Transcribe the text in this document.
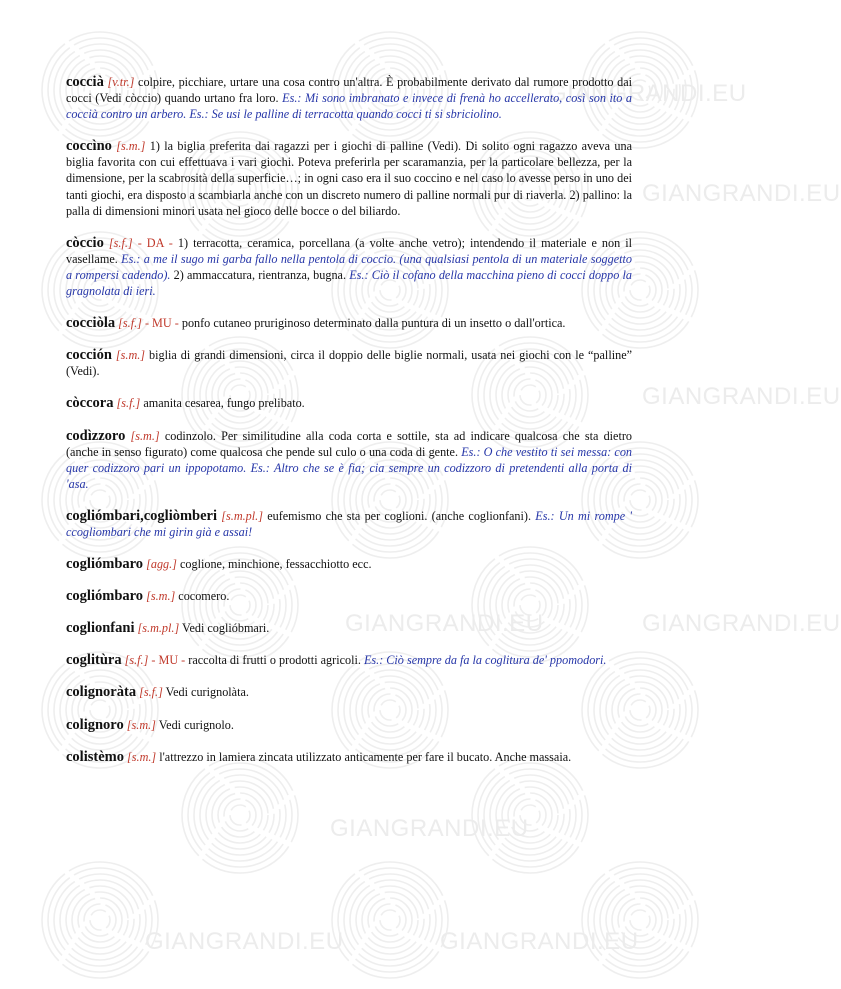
GIANGRANDI.EU
GIANGRANDI.EU
GIANGRANDI.EU
GIANGRANDI.EU	GIANGRANDI.EU
GIANGRANDI.EU
GIANGRANDI.EU	GIANGRANDI.EU

coccià [v.tr.] colpire, picchiare, urtare una cosa contro un'altra. È probabilmente derivato dal rumore prodotto dai cocci (Vedi còccio) quando urtano fra loro. Es.: Mi sono imbranato e invece di frenà ho accellerato, così son ito a coccià contro un arbero. Es.: Se usi le palline di terracotta quando cocci ti si sbriciolino.

coccìno [s.m.] 1) la biglia preferita dai ragazzi per i giochi di palline (Vedi). Di solito ogni ragazzo aveva una biglia favorita con cui effettuava i vari giochi. Poteva preferirla per scaramanzia, per la particolare bellezza, per la dimensione, per la scabrosità della superficie…; in ogni caso era il suo coccino e nel caso lo avesse perso in uno dei tanti giochi, era disposto a scambiarla anche con un discreto numero di palline normali pur di riaverla. 2) pallino: la palla di dimensioni minori usata nel gioco delle bocce o del biliardo.

còccio [s.f.] - DA - 1) terracotta, ceramica, porcellana (a volte anche vetro); intendendo il materiale e non il vasellame. Es.: a me il sugo mi garba fallo nella pentola di coccio. (una qualsiasi pentola di un materiale soggetto a rompersi cadendo). 2) ammaccatura, rientranza, bugna. Es.: Ciò il cofano della macchina pieno di cocci doppo la gragnolata di ieri.

cocciòla [s.f.] - MU - ponfo cutaneo pruriginoso determinato dalla puntura di un insetto o dall'ortica.

cocción [s.m.] biglia di grandi dimensioni, circa il doppio delle biglie normali, usata nei giochi con le “palline” (Vedi).

còccora [s.f.] amanita cesarea, fungo prelibato.

codìzzoro [s.m.] codinzolo. Per similitudine alla coda corta e sottile, sta ad indicare qualcosa che sta dietro (anche in senso figurato) come qualcosa che pende sul culo o una coda di gente. Es.: O che vestito ti sei messa: con quer codizzoro pari un ippopotamo. Es.: Altro che se è fia; cia sempre un codizzoro di pretendenti alla porta di 'asa.

cogliómbari,cogliòmberi [s.m.pl.] eufemismo che sta per coglioni. (anche coglionfani). Es.: Un mi rompe ' ccogliombari che mi girin già e assai!

cogliómbaro [agg.] coglione, minchione, fessacchiotto ecc.

cogliómbaro [s.m.] cocomero.

coglionfani [s.m.pl.] Vedi coglióbmari.

coglitùra [s.f.] - MU - raccolta di frutti o prodotti agricoli. Es.: Ciò sempre da fa la coglitura de' ppomodori.

colignoràta [s.f.] Vedi curignolàta.

colignoro [s.m.] Vedi curignolo.

colistèmo [s.m.] l'attrezzo in lamiera zincata utilizzato anticamente per fare il bucato. Anche massaia.
